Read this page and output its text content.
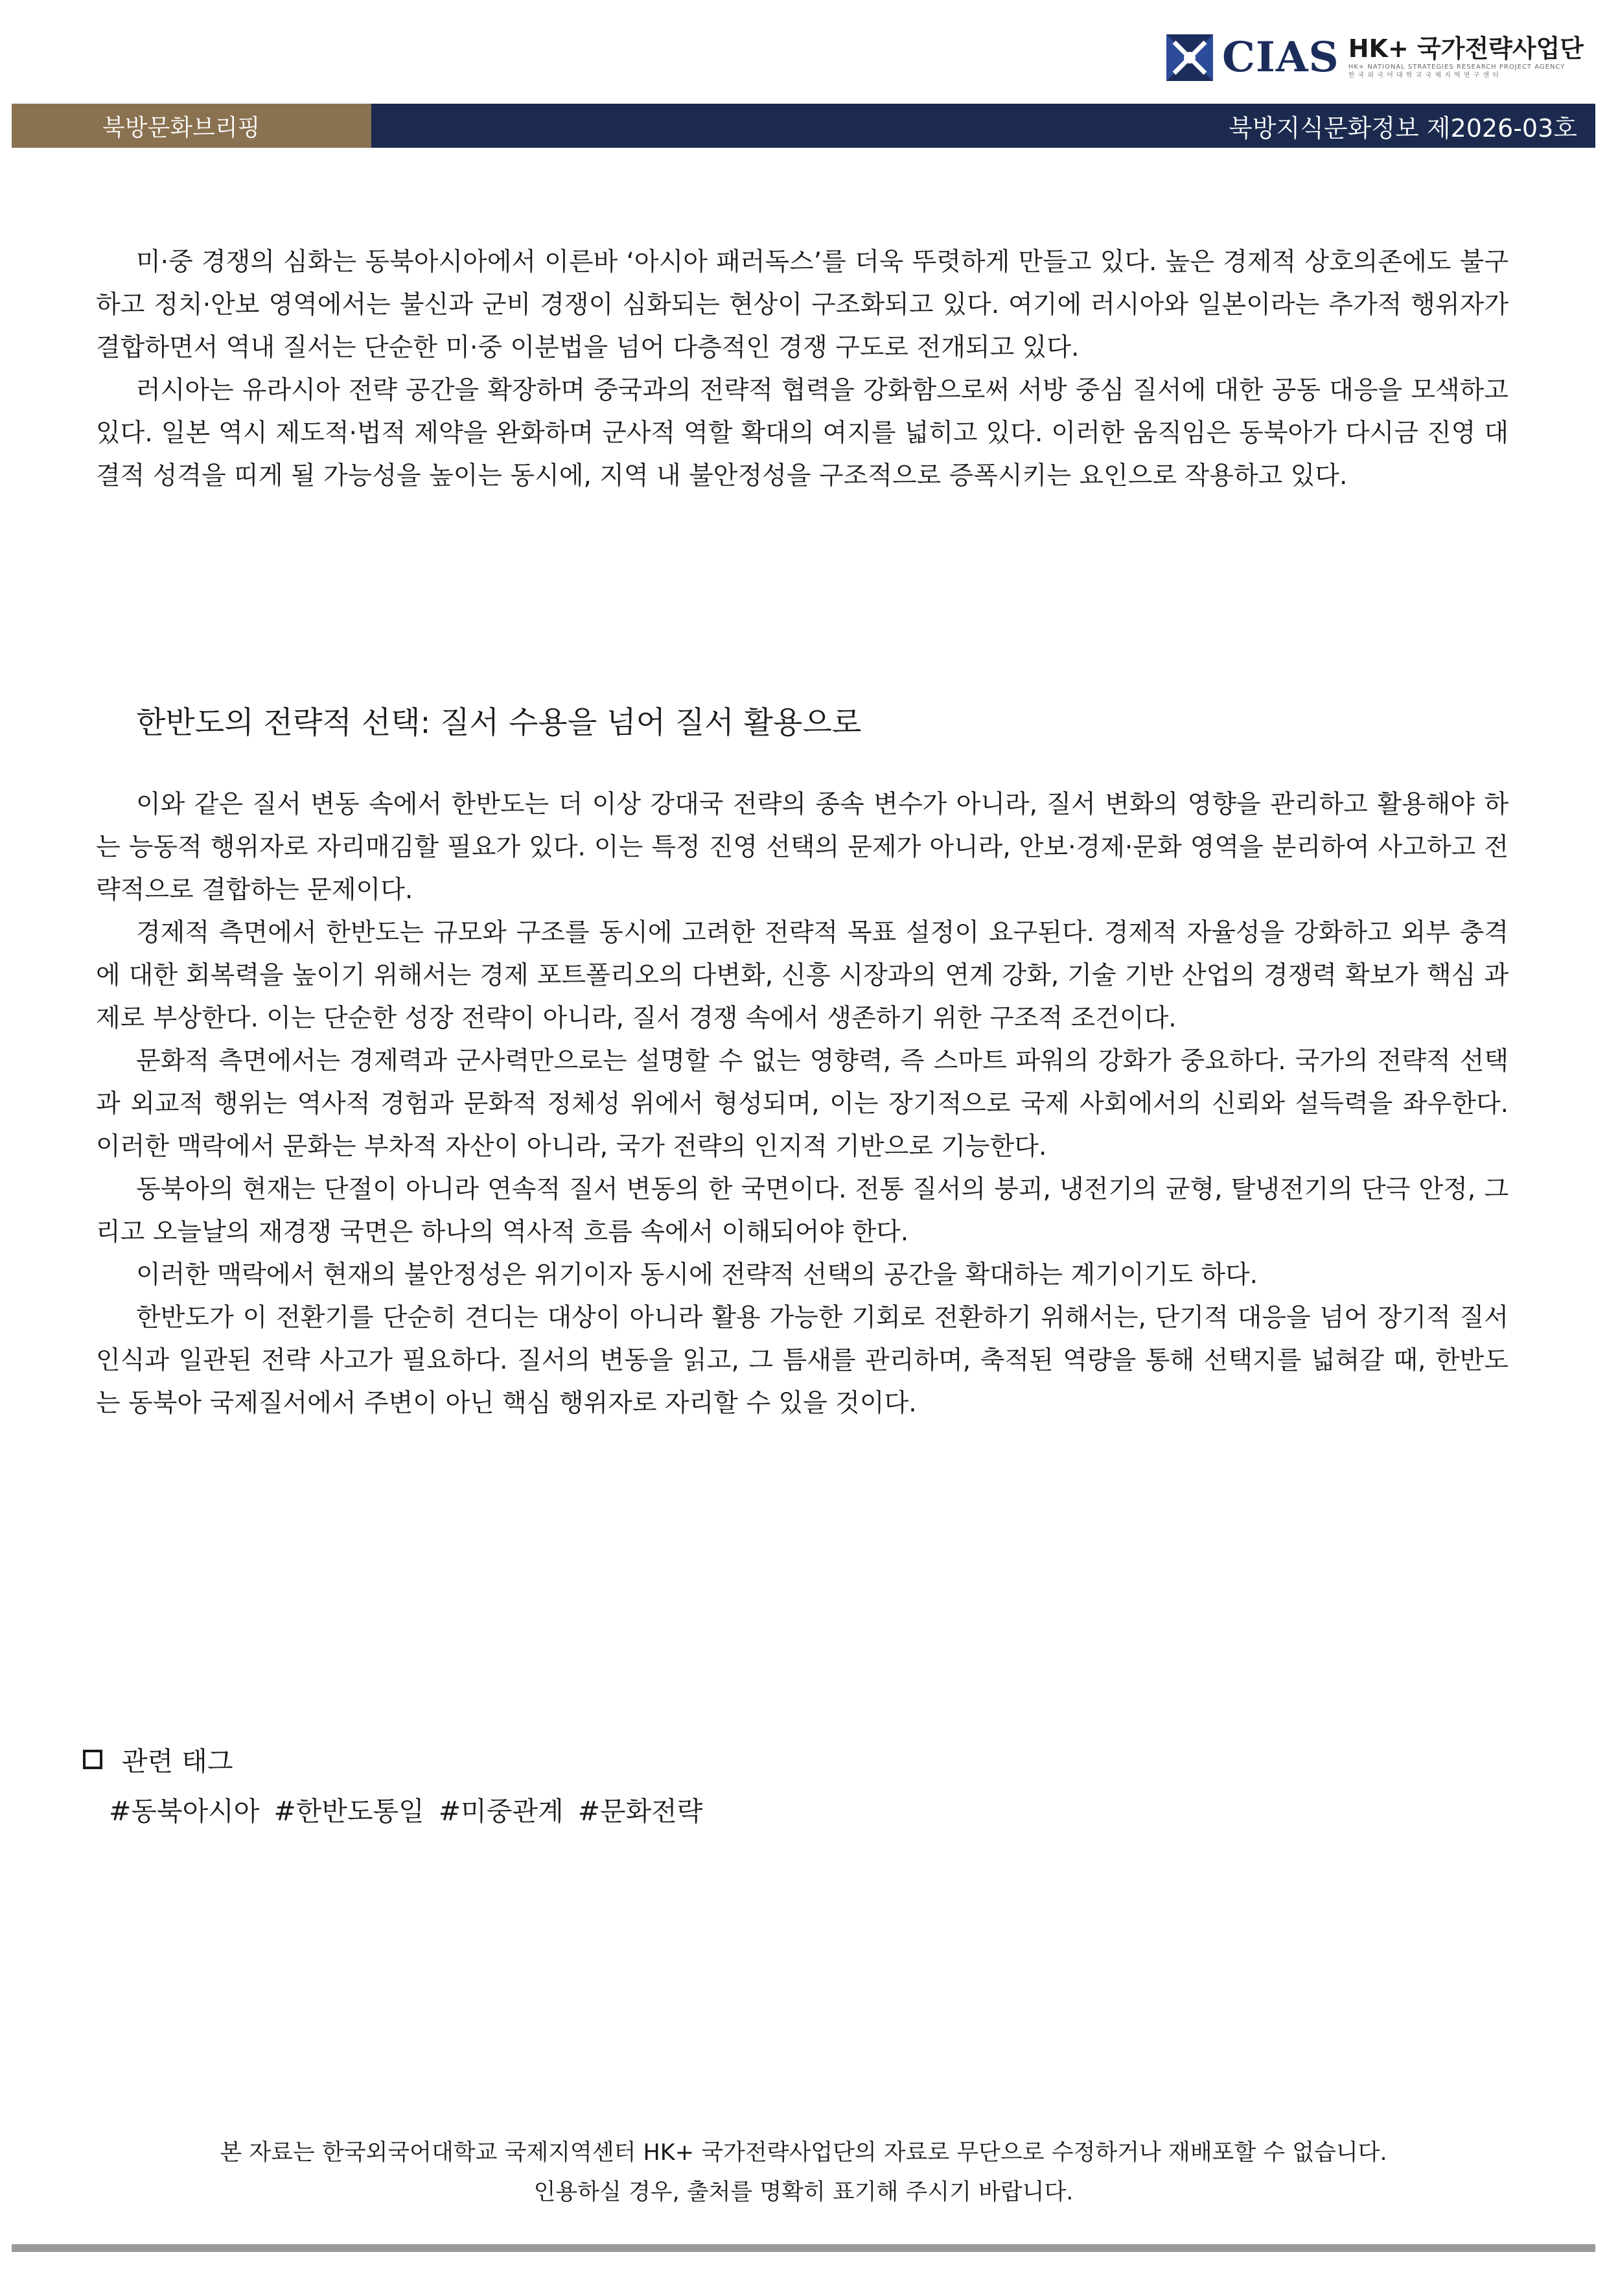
CIAS HK+ 국가전략사업단
HK+ NATIONAL STRATEGIES RESEARCH PROJECT AGENCY
한 국 외 국 어 대 학 교 국 제 지 역 연 구 센 터
북방문화브리핑	북방지식문화정보 제2026-03호

미·중 경쟁의 심화는 동북아시아에서 이른바 ‘아시아 패러독스’를 더욱 뚜렷하게 만들고 있다. 높은 경제적 상호의존에도 불구하고 정치·안보 영역에서는 불신과 군비 경쟁이 심화되는 현상이 구조화되고 있다. 여기에 러시아와 일본이라는 추가적 행위자가 결합하면서 역내 질서는 단순한 미·중 이분법을 넘어 다층적인 경쟁 구도로 전개되고 있다.

러시아는 유라시아 전략 공간을 확장하며 중국과의 전략적 협력을 강화함으로써 서방 중심 질서에 대한 공동 대응을 모색하고 있다. 일본 역시 제도적·법적 제약을 완화하며 군사적 역할 확대의 여지를 넓히고 있다. 이러한 움직임은 동북아가 다시금 진영 대결적 성격을 띠게 될 가능성을 높이는 동시에, 지역 내 불안정성을 구조적으로 증폭시키는 요인으로 작용하고 있다.

한반도의 전략적 선택: 질서 수용을 넘어 질서 활용으로

이와 같은 질서 변동 속에서 한반도는 더 이상 강대국 전략의 종속 변수가 아니라, 질서 변화의 영향을 관리하고 활용해야 하는 능동적 행위자로 자리매김할 필요가 있다. 이는 특정 진영 선택의 문제가 아니라, 안보·경제·문화 영역을 분리하여 사고하고 전략적으로 결합하는 문제이다.

경제적 측면에서 한반도는 규모와 구조를 동시에 고려한 전략적 목표 설정이 요구된다. 경제적 자율성을 강화하고 외부 충격에 대한 회복력을 높이기 위해서는 경제 포트폴리오의 다변화, 신흥 시장과의 연계 강화, 기술 기반 산업의 경쟁력 확보가 핵심 과제로 부상한다. 이는 단순한 성장 전략이 아니라, 질서 경쟁 속에서 생존하기 위한 구조적 조건이다.

문화적 측면에서는 경제력과 군사력만으로는 설명할 수 없는 영향력, 즉 스마트 파워의 강화가 중요하다. 국가의 전략적 선택과 외교적 행위는 역사적 경험과 문화적 정체성 위에서 형성되며, 이는 장기적으로 국제 사회에서의 신뢰와 설득력을 좌우한다. 이러한 맥락에서 문화는 부차적 자산이 아니라, 국가 전략의 인지적 기반으로 기능한다.

동북아의 현재는 단절이 아니라 연속적 질서 변동의 한 국면이다. 전통 질서의 붕괴, 냉전기의 균형, 탈냉전기의 단극 안정, 그리고 오늘날의 재경쟁 국면은 하나의 역사적 흐름 속에서 이해되어야 한다.

이러한 맥락에서 현재의 불안정성은 위기이자 동시에 전략적 선택의 공간을 확대하는 계기이기도 하다.

한반도가 이 전환기를 단순히 견디는 대상이 아니라 활용 가능한 기회로 전환하기 위해서는, 단기적 대응을 넘어 장기적 질서 인식과 일관된 전략 사고가 필요하다. 질서의 변동을 읽고, 그 틈새를 관리하며, 축적된 역량을 통해 선택지를 넓혀갈 때, 한반도는 동북아 국제질서에서 주변이 아닌 핵심 행위자로 자리할 수 있을 것이다.

관련 태그
#동북아시아 #한반도통일 #미중관계 #문화전략
본 자료는 한국외국어대학교 국제지역센터 HK+ 국가전략사업단의 자료로 무단으로 수정하거나 재배포할 수 없습니다.
인용하실 경우, 출처를 명확히 표기해 주시기 바랍니다.
